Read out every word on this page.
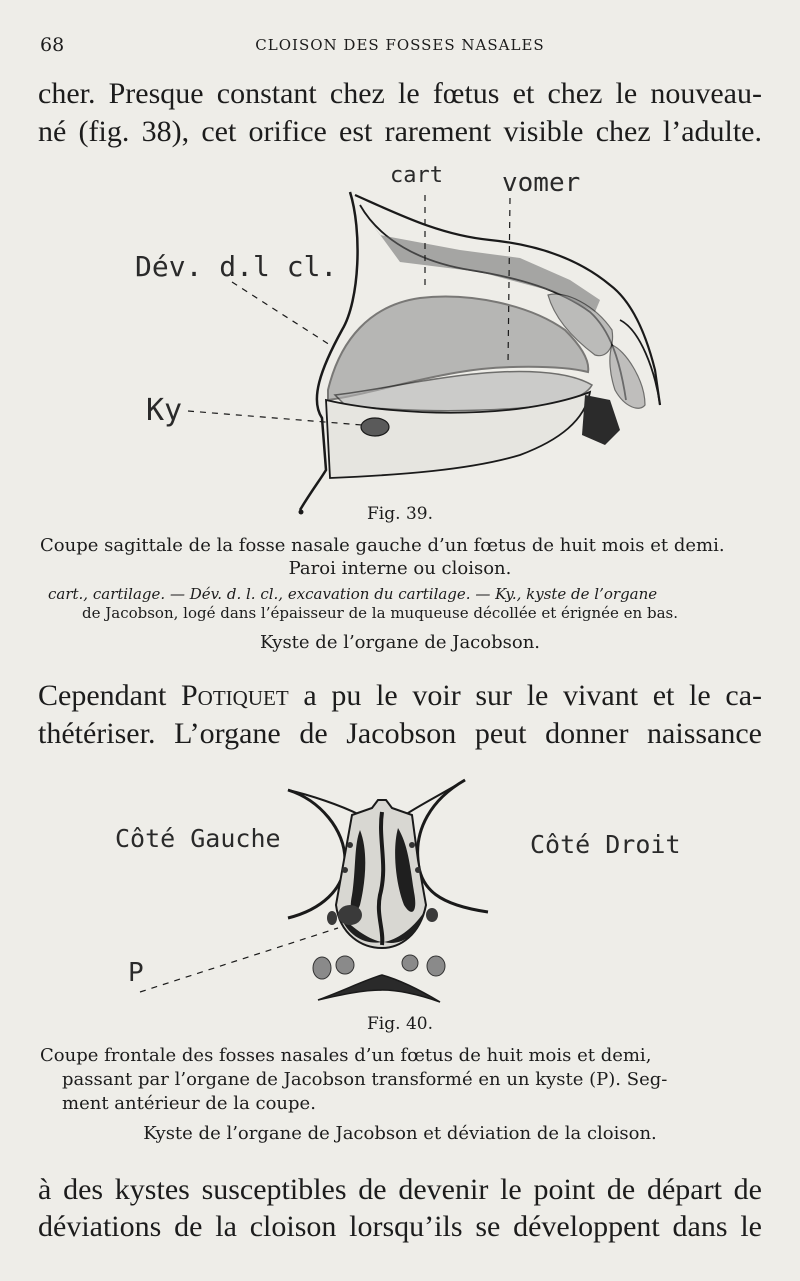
68	CLOISON DES FOSSES NASALES
cher. Presque constant chez le fœtus et chez le nouveau-
né (fig. 38), cet orifice est rarement visible chez l’adulte.
cart vomer
Dév. d.l cl.
Ky
Fig. 39.
Coupe sagittale de la fosse nasale gauche d’un fœtus de huit mois et demi.
Paroi interne ou cloison.
cart., cartilage. — Dév. d. l. cl., excavation du cartilage. — Ky., kyste de l’organe
de Jacobson, logé dans l’épaisseur de la muqueuse décollée et érignée en bas.
Kyste de l’organe de Jacobson.
Cependant Potiquet a pu le voir sur le vivant et le ca-
thétériser. L’organe de Jacobson peut donner naissance
Côté Gauche	Côté Droit
P
Fig. 40.
Coupe frontale des fosses nasales d’un fœtus de huit mois et demi,
passant par l’organe de Jacobson transformé en un kyste (P). Seg-
ment antérieur de la coupe.
Kyste de l’organe de Jacobson et déviation de la cloison.
à des kystes susceptibles de devenir le point de départ de
déviations de la cloison lorsqu’ils se développent dans le
